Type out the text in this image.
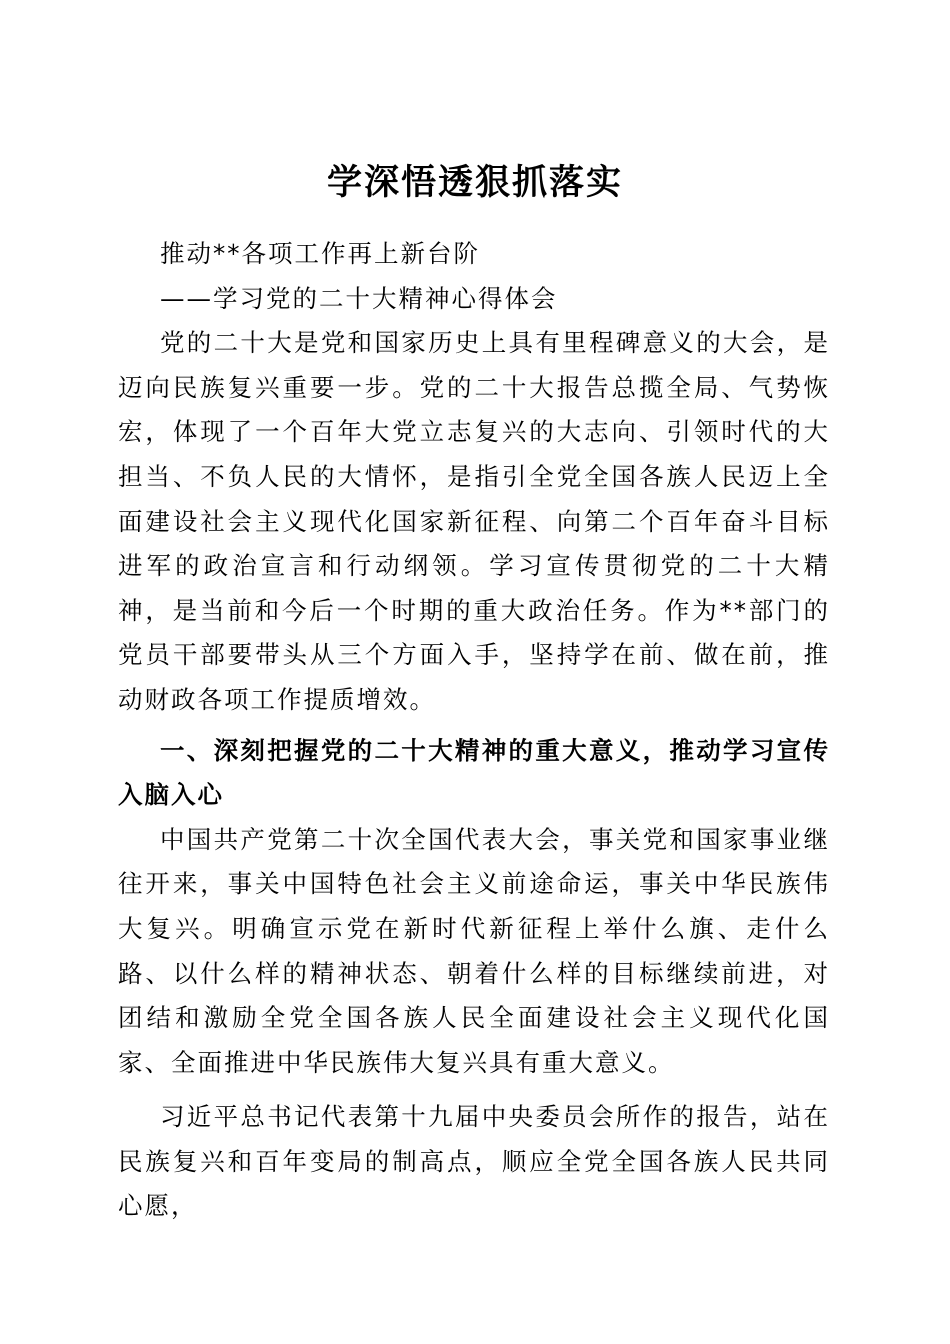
学深悟透狠抓落实

推动**各项工作再上新台阶

——学习党的二十大精神心得体会

党的二十大是党和国家历史上具有里程碑意义的大会，是迈向民族复兴重要一步。党的二十大报告总揽全局、气势恢宏，体现了一个百年大党立志复兴的大志向、引领时代的大担当、不负人民的大情怀，是指引全党全国各族人民迈上全面建设社会主义现代化国家新征程、向第二个百年奋斗目标进军的政治宣言和行动纲领。学习宣传贯彻党的二十大精神，是当前和今后一个时期的重大政治任务。作为**部门的党员干部要带头从三个方面入手，坚持学在前、做在前，推动财政各项工作提质增效。

一、深刻把握党的二十大精神的重大意义，推动学习宣传入脑入心

中国共产党第二十次全国代表大会，事关党和国家事业继往开来，事关中国特色社会主义前途命运，事关中华民族伟大复兴。明确宣示党在新时代新征程上举什么旗、走什么路、以什么样的精神状态、朝着什么样的目标继续前进，对团结和激励全党全国各族人民全面建设社会主义现代化国家、全面推进中华民族伟大复兴具有重大意义。

习近平总书记代表第十九届中央委员会所作的报告，站在民族复兴和百年变局的制高点，顺应全党全国各族人民共同心愿，
